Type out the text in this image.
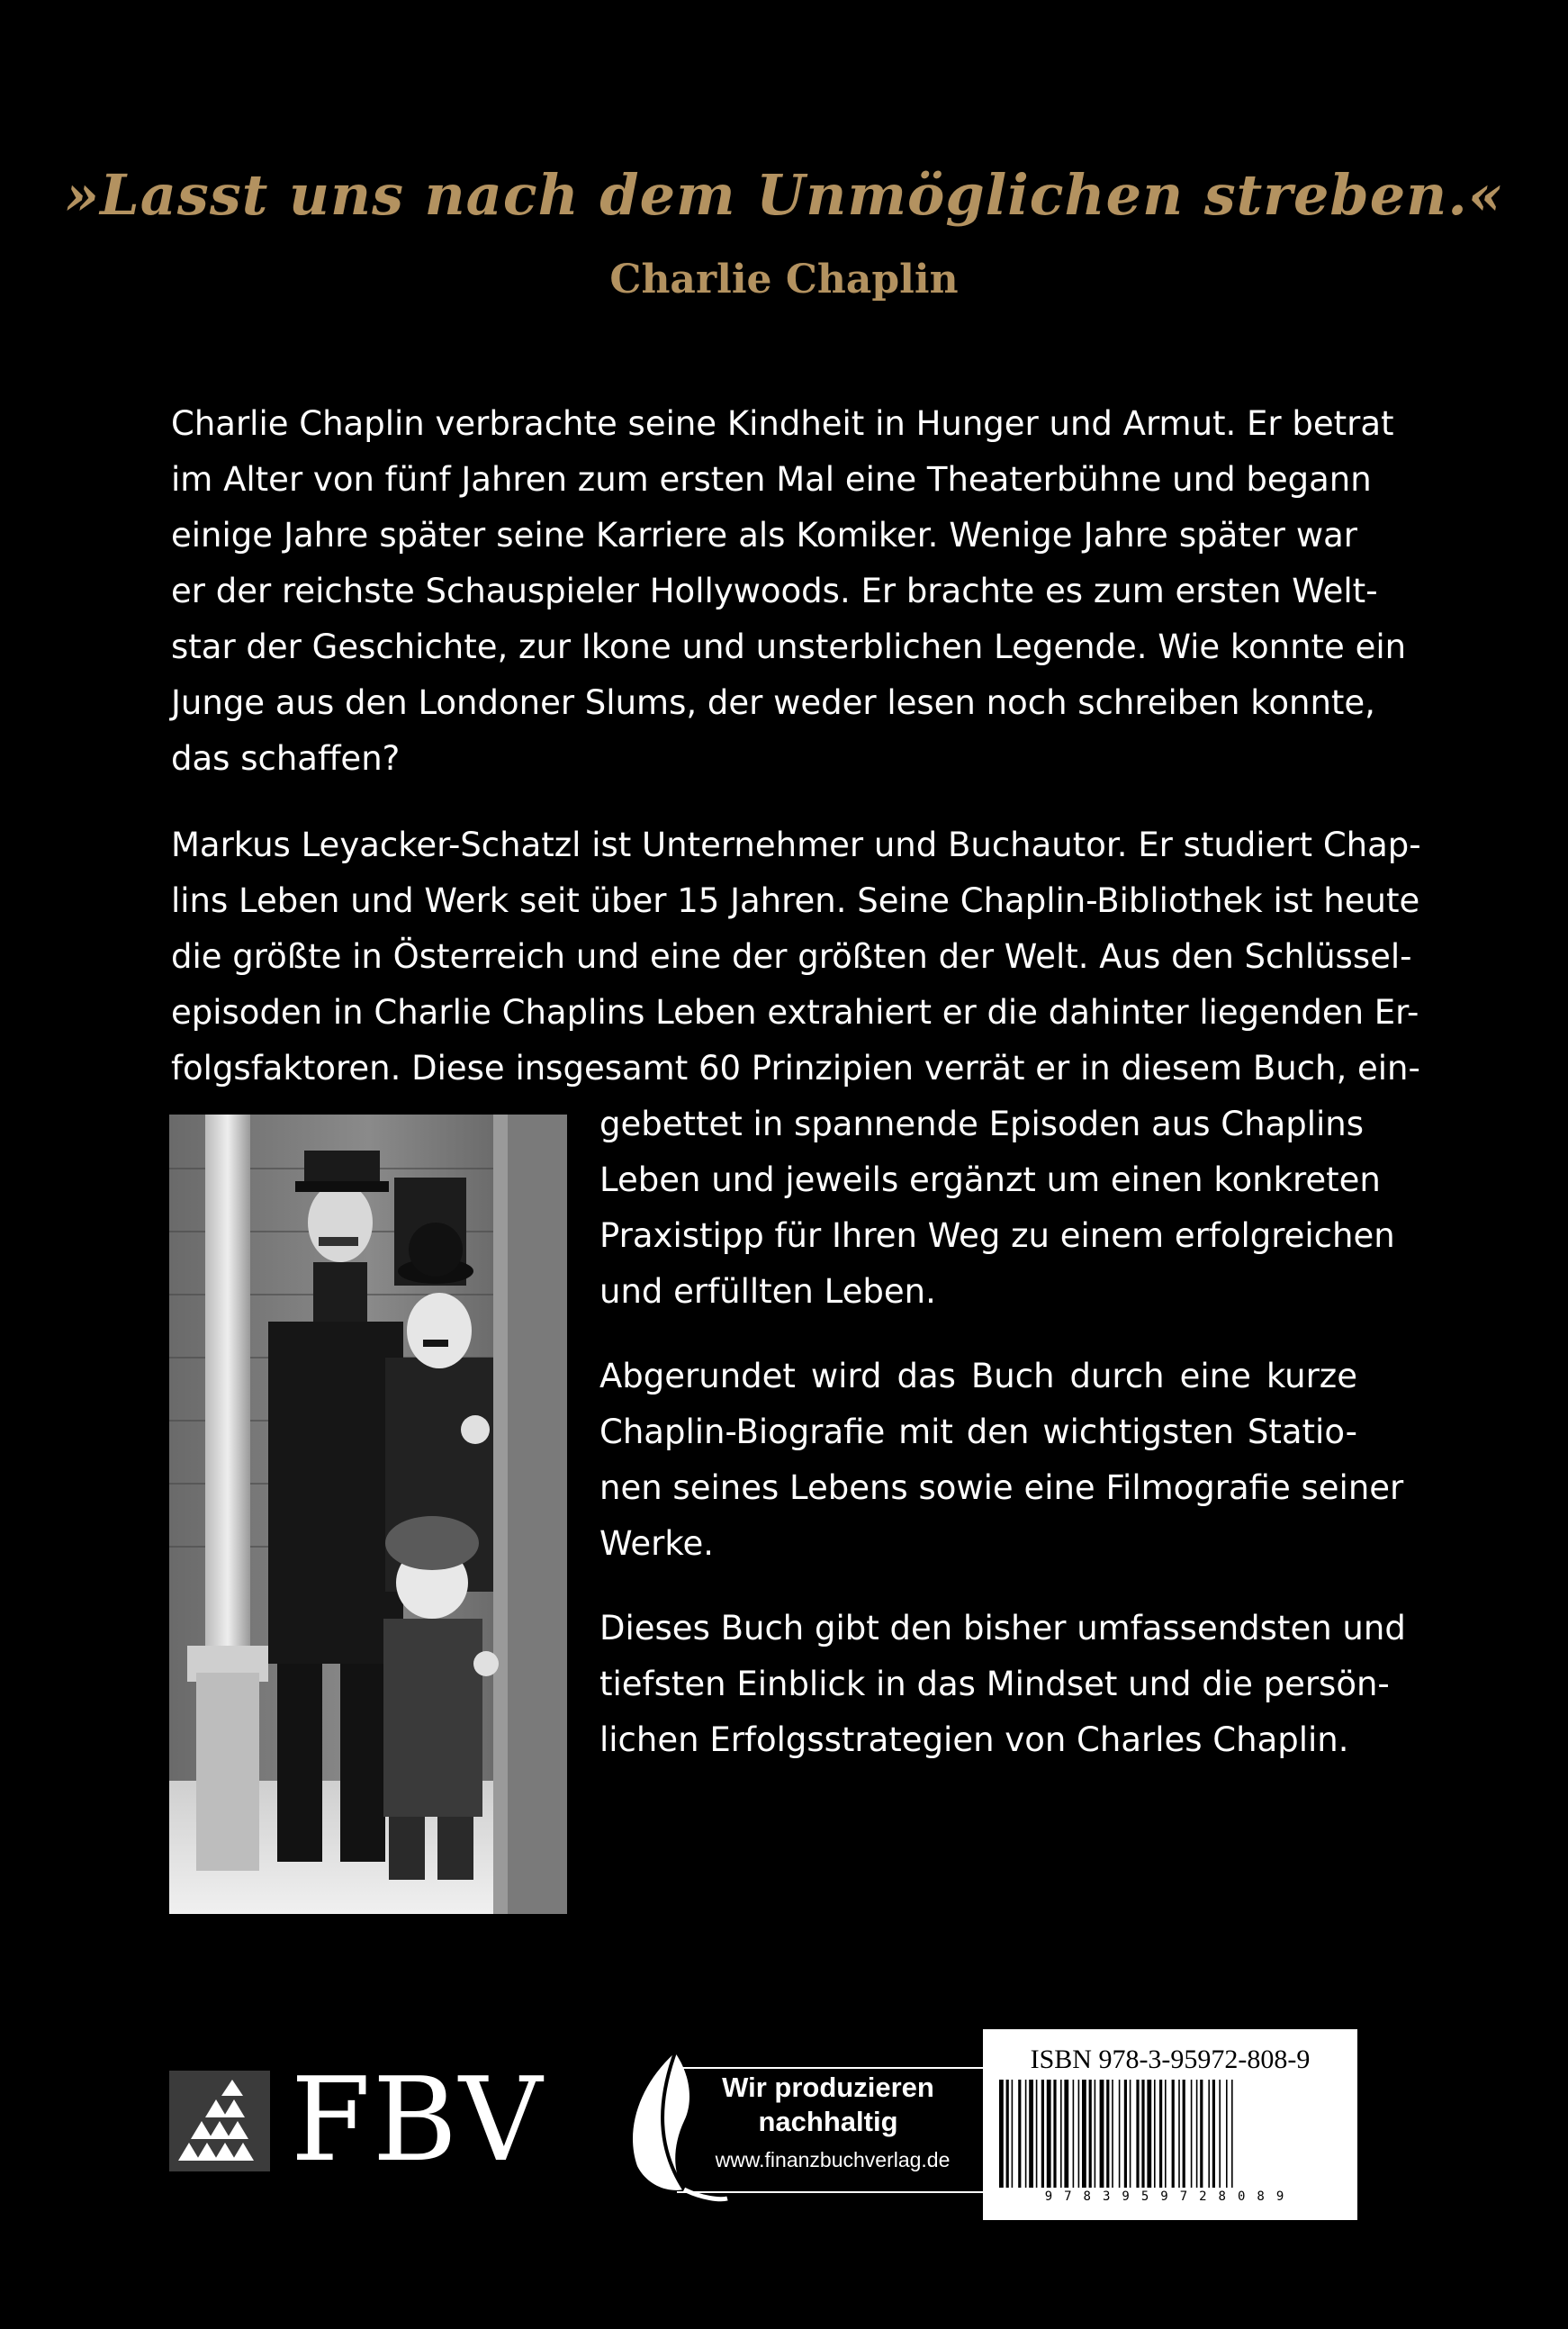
»Lasst uns nach dem Unmöglichen streben.«
Charlie Chaplin
Charlie Chaplin verbrachte seine Kindheit in Hunger und Armut. Er betrat
im Alter von fünf Jahren zum ersten Mal eine Theaterbühne und begann
einige Jahre später seine Karriere als Komiker. Wenige Jahre später war
er der reichste Schauspieler Hollywoods. Er brachte es zum ersten Welt-
star der Geschichte, zur Ikone und unsterblichen Legende. Wie konnte ein
Junge aus den Londoner Slums, der weder lesen noch schreiben konnte,
das schaffen?
Markus Leyacker-Schatzl ist Unternehmer und Buchautor. Er studiert Chap-
lins Leben und Werk seit über 15 Jahren. Seine Chaplin-Bibliothek ist heute
die größte in Österreich und eine der größten der Welt. Aus den Schlüssel-
episoden in Charlie Chaplins Leben extrahiert er die dahinter liegenden Er-
folgsfaktoren. Diese insgesamt 60 Prinzipien verrät er in diesem Buch, ein-
gebettet in spannende Episoden aus Chaplins
Leben und jeweils ergänzt um einen konkreten
Praxistipp für Ihren Weg zu einem erfolgreichen
und erfüllten Leben.
Abgerundet wird das Buch durch eine kurze
Chaplin-Biografie mit den wichtigsten Statio-
nen seines Lebens sowie eine Filmografie seiner
Werke.
Dieses Buch gibt den bisher umfassendsten und
tiefsten Einblick in das Mindset und die persön-
lichen Erfolgsstrategien von Charles Chaplin.
FBV	Wir produzieren
nachhaltig
www.finanzbuchverlag.de
ISBN 978-3-95972-808-9
9783959728089
